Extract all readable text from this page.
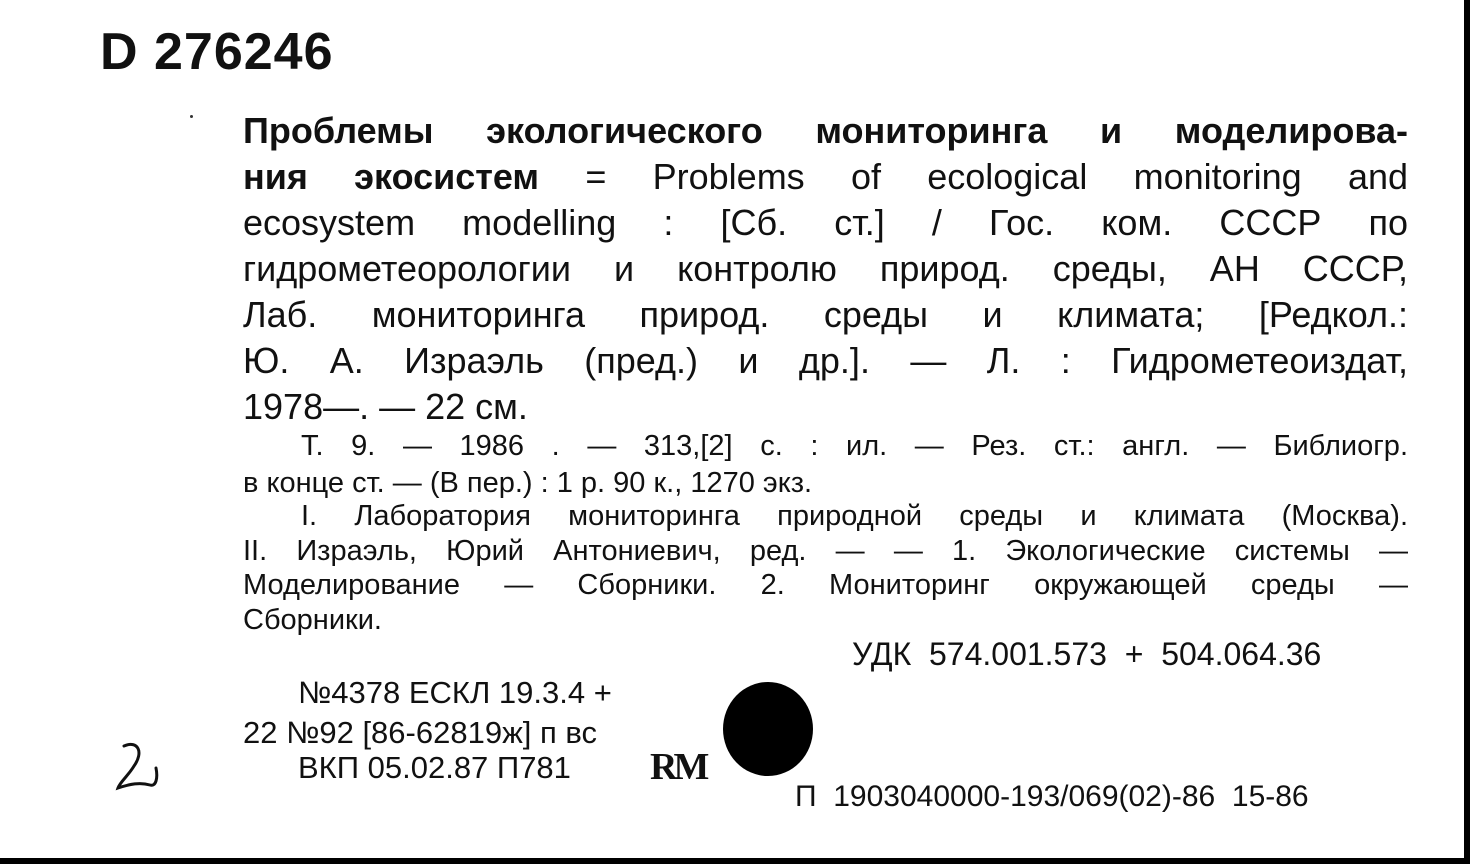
D 276246
Проблемы экологического мониторинга и моделирова-
ния экосистем = Problems of ecological monitoring and
ecosystem modelling : [Сб. ст.] / Гос. ком. СССР по
гидрометеорологии и контролю природ. среды, АН СССР,
Лаб. мониторинга природ. среды и климата; [Редкол.:
Ю. А. Израэль (пред.) и др.]. — Л. : Гидрометеоиздат,
1978—. — 22 см.
Т. 9. — 1986 . — 313,[2] с. : ил. — Рез. ст.: англ. — Библиогр.
в конце ст. — (В пер.) : 1 р. 90 к., 1270 экз.
I. Лаборатория мониторинга природной среды и климата (Москва).
II. Израэль, Юрий Антониевич, ред. — — 1. Экологические системы —
Моделирование — Сборники. 2. Мониторинг окружающей среды —
Сборники.
УДК  574.001.573  +  504.064.36
№4378 ЕСКЛ 19.3.4 +
22 №92 [86-62819ж] п вс
ВКП 05.02.87 П781 RM
П  1903040000-193/069(02)-86  15-86
